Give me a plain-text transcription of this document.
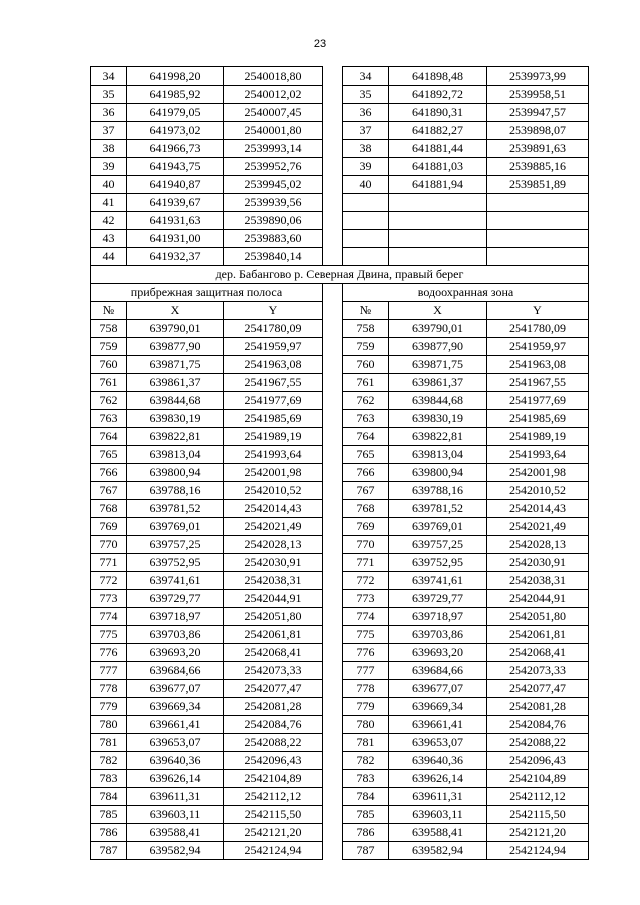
23
34	641998,20	2540018,80		34	641898,48	2539973,99
35	641985,92	2540012,02		35	641892,72	2539958,51
36	641979,05	2540007,45		36	641890,31	2539947,57
37	641973,02	2540001,80		37	641882,27	2539898,07
38	641966,73	2539993,14		38	641881,44	2539891,63
39	641943,75	2539952,76		39	641881,03	2539885,16
40	641940,87	2539945,02		40	641881,94	2539851,89
41	641939,67	2539939,56				
42	641931,63	2539890,06				
43	641931,00	2539883,60				
44	641932,37	2539840,14				
дер. Бабангово р. Северная Двина, правый берег						
прибрежная защитная полоса				водоохранная зона		
№	X	Y		№	X	Y
758	639790,01	2541780,09		758	639790,01	2541780,09
759	639877,90	2541959,97		759	639877,90	2541959,97
760	639871,75	2541963,08		760	639871,75	2541963,08
761	639861,37	2541967,55		761	639861,37	2541967,55
762	639844,68	2541977,69		762	639844,68	2541977,69
763	639830,19	2541985,69		763	639830,19	2541985,69
764	639822,81	2541989,19		764	639822,81	2541989,19
765	639813,04	2541993,64		765	639813,04	2541993,64
766	639800,94	2542001,98		766	639800,94	2542001,98
767	639788,16	2542010,52		767	639788,16	2542010,52
768	639781,52	2542014,43		768	639781,52	2542014,43
769	639769,01	2542021,49		769	639769,01	2542021,49
770	639757,25	2542028,13		770	639757,25	2542028,13
771	639752,95	2542030,91		771	639752,95	2542030,91
772	639741,61	2542038,31		772	639741,61	2542038,31
773	639729,77	2542044,91		773	639729,77	2542044,91
774	639718,97	2542051,80		774	639718,97	2542051,80
775	639703,86	2542061,81		775	639703,86	2542061,81
776	639693,20	2542068,41		776	639693,20	2542068,41
777	639684,66	2542073,33		777	639684,66	2542073,33
778	639677,07	2542077,47		778	639677,07	2542077,47
779	639669,34	2542081,28		779	639669,34	2542081,28
780	639661,41	2542084,76		780	639661,41	2542084,76
781	639653,07	2542088,22		781	639653,07	2542088,22
782	639640,36	2542096,43		782	639640,36	2542096,43
783	639626,14	2542104,89		783	639626,14	2542104,89
784	639611,31	2542112,12		784	639611,31	2542112,12
785	639603,11	2542115,50		785	639603,11	2542115,50
786	639588,41	2542121,20		786	639588,41	2542121,20
787	639582,94	2542124,94		787	639582,94	2542124,94
